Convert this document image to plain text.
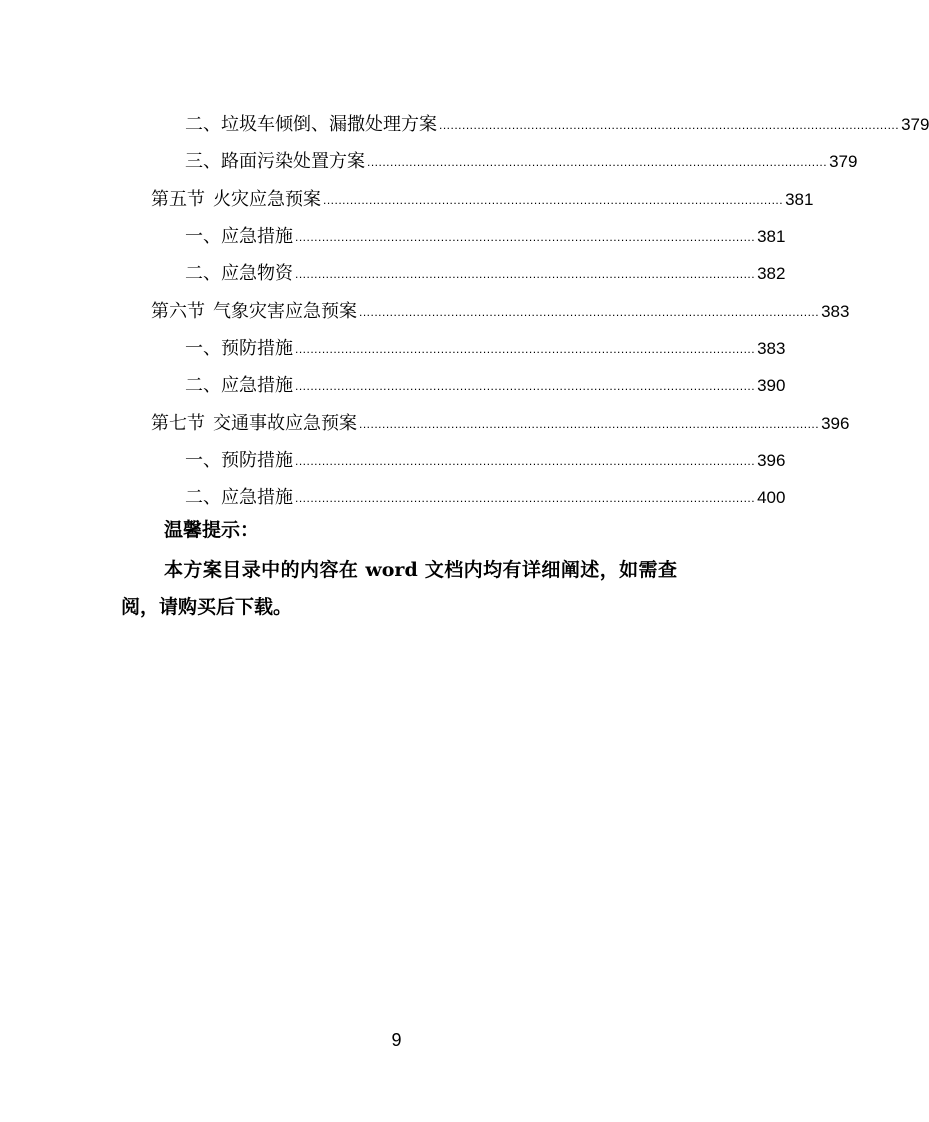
二、垃圾车倾倒、漏撒处理方案 ........................................................................................................................ 379
三、路面污染处置方案 ........................................................................................................................ 379
第五节 火灾应急预案 ........................................................................................................................ 381
一、应急措施 ........................................................................................................................ 381
二、应急物资 ........................................................................................................................ 382
第六节 气象灾害应急预案 ........................................................................................................................ 383
一、预防措施 ........................................................................................................................ 383
二、应急措施 ........................................................................................................................ 390
第七节 交通事故应急预案 ........................................................................................................................ 396
一、预防措施 ........................................................................................................................ 396
二、应急措施 ........................................................................................................................ 400
温馨提示：
本方案目录中的内容在 word 文档内均有详细阐述，如需查阅，请购买后下载。
9
